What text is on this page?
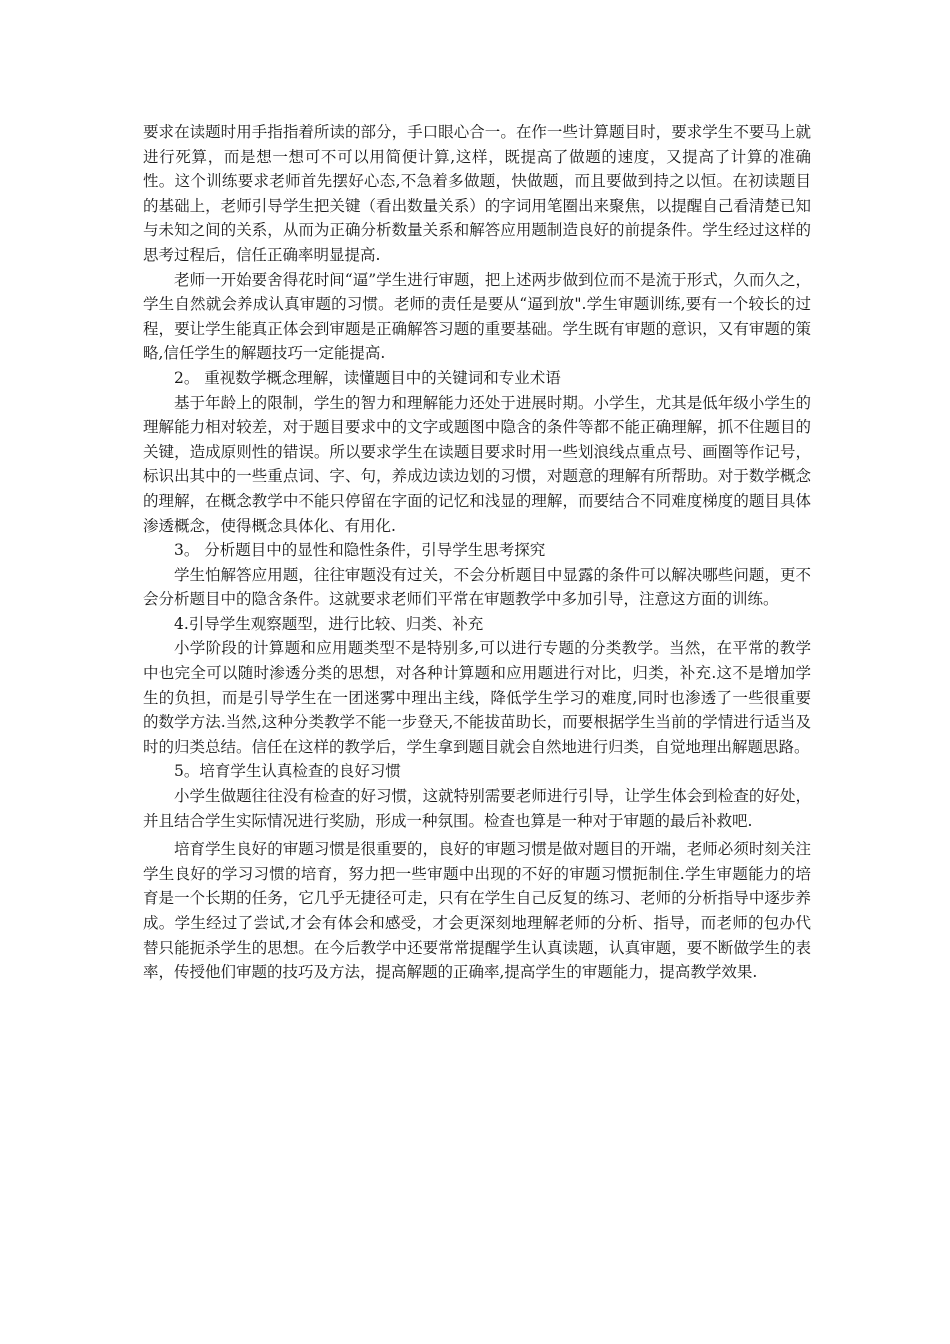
要求在读题时用手指指着所读的部分，手口眼心合一。在作一些计算题目时，要求学生不要马上就进行死算，而是想一想可不可以用简便计算,这样，既提高了做题的速度，又提高了计算的准确性。这个训练要求老师首先摆好心态,不急着多做题，快做题，而且要做到持之以恒。在初读题目的基础上，老师引导学生把关键（看出数量关系）的字词用笔圈出来聚焦，以提醒自己看清楚已知与未知之间的关系，从而为正确分析数量关系和解答应用题制造良好的前提条件。学生经过这样的思考过程后，信任正确率明显提高.

老师一开始要舍得花时间“逼”学生进行审题，把上述两步做到位而不是流于形式，久而久之，学生自然就会养成认真审题的习惯。老师的责任是要从“逼到放".学生审题训练,要有一个较长的过程，要让学生能真正体会到审题是正确解答习题的重要基础。学生既有审题的意识，又有审题的策略,信任学生的解题技巧一定能提高.

2。 重视数学概念理解，读懂题目中的关键词和专业术语

基于年龄上的限制，学生的智力和理解能力还处于进展时期。小学生，尤其是低年级小学生的理解能力相对较差，对于题目要求中的文字或题图中隐含的条件等都不能正确理解，抓不住题目的关键，造成原则性的错误。所以要求学生在读题目要求时用一些划浪线点重点号、画圈等作记号，标识出其中的一些重点词、字、句，养成边读边划的习惯，对题意的理解有所帮助。对于数学概念的理解，在概念教学中不能只停留在字面的记忆和浅显的理解，而要结合不同难度梯度的题目具体渗透概念，使得概念具体化、有用化.

3。 分析题目中的显性和隐性条件，引导学生思考探究

学生怕解答应用题，往往审题没有过关，不会分析题目中显露的条件可以解决哪些问题，更不会分析题目中的隐含条件。这就要求老师们平常在审题教学中多加引导，注意这方面的训练。

4.引导学生观察题型，进行比较、归类、补充

小学阶段的计算题和应用题类型不是特别多,可以进行专题的分类教学。当然，在平常的教学中也完全可以随时渗透分类的思想，对各种计算题和应用题进行对比，归类，补充.这不是增加学生的负担，而是引导学生在一团迷雾中理出主线，降低学生学习的难度,同时也渗透了一些很重要的数学方法.当然,这种分类教学不能一步登天,不能拔苗助长，而要根据学生当前的学情进行适当及时的归类总结。信任在这样的教学后，学生拿到题目就会自然地进行归类，自觉地理出解题思路。

5。培育学生认真检查的良好习惯

小学生做题往往没有检查的好习惯，这就特别需要老师进行引导，让学生体会到检查的好处，并且结合学生实际情况进行奖励，形成一种氛围。检查也算是一种对于审题的最后补救吧.

培育学生良好的审题习惯是很重要的，良好的审题习惯是做对题目的开端，老师必须时刻关注学生良好的学习习惯的培育，努力把一些审题中出现的不好的审题习惯扼制住.学生审题能力的培育是一个长期的任务，它几乎无捷径可走，只有在学生自己反复的练习、老师的分析指导中逐步养成。学生经过了尝试,才会有体会和感受，才会更深刻地理解老师的分析、指导，而老师的包办代替只能扼杀学生的思想。在今后教学中还要常常提醒学生认真读题，认真审题，要不断做学生的表率，传授他们审题的技巧及方法，提高解题的正确率,提高学生的审题能力，提高教学效果.
